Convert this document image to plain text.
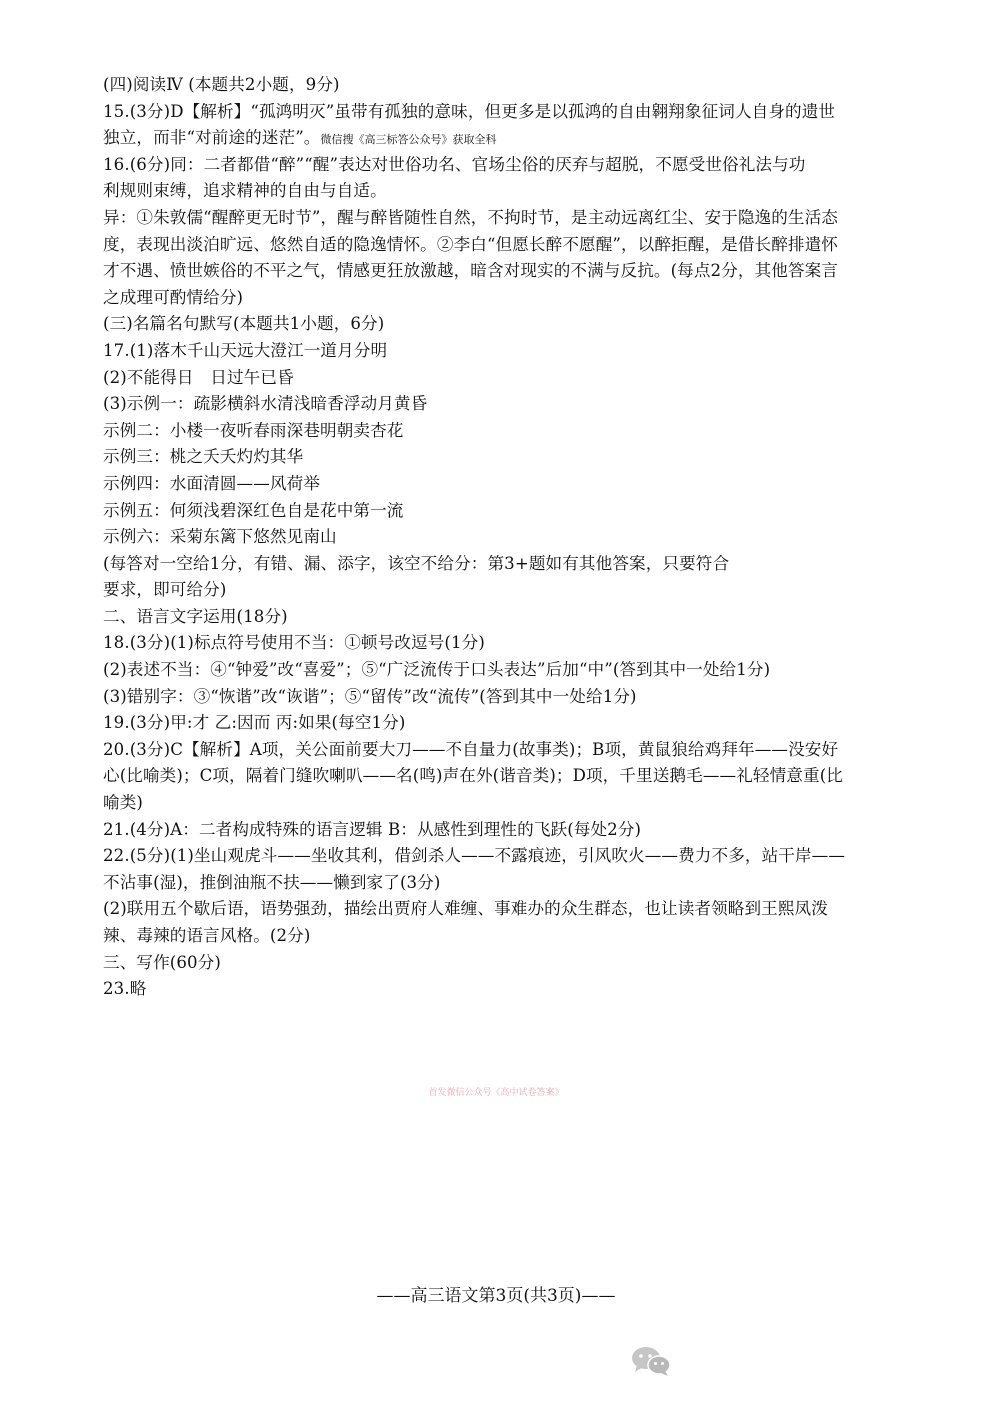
(四)阅读Ⅳ (本题共2小题，9分)
15.(3分)D【解析】“孤鸿明灭”虽带有孤独的意味，但更多是以孤鸿的自由翱翔象征词人自身的遗世
独立，而非“对前途的迷茫”。微信搜《高三标答公众号》获取全科
16.(6分)同：二者都借“醉”“醒”表达对世俗功名、官场尘俗的厌弃与超脱，不愿受世俗礼法与功
利规则束缚，追求精神的自由与自适。
异：①朱敦儒“醒醉更无时节”，醒与醉皆随性自然，不拘时节，是主动远离红尘、安于隐逸的生活态
度，表现出淡泊旷远、悠然自适的隐逸情怀。②李白“但愿长醉不愿醒”，以醉拒醒，是借长醉排遣怀
才不遇、愤世嫉俗的不平之气，情感更狂放激越，暗含对现实的不满与反抗。(每点2分，其他答案言
之成理可酌情给分)
(三)名篇名句默写(本题共1小题，6分)
17.(1)落木千山天远大澄江一道月分明
(2)不能得日　日过午已昏
(3)示例一：疏影横斜水清浅暗香浮动月黄昏
示例二：小楼一夜听春雨深巷明朝卖杏花
示例三：桃之夭夭灼灼其华
示例四：水面清圆——风荷举
示例五：何须浅碧深红色自是花中第一流
示例六：采菊东篱下悠然见南山
(每答对一空给1分，有错、漏、添字，该空不给分：第3+题如有其他答案，只要符合
要求，即可给分)
二、语言文字运用(18分)
18.(3分)(1)标点符号使用不当：①顿号改逗号(1分)
(2)表述不当：④“钟爱”改“喜爱”；⑤“广泛流传于口头表达”后加“中”(答到其中一处给1分)
(3)错别字：③“恢谐”改“诙谐”；⑤“留传”改“流传”(答到其中一处给1分)
19.(3分)甲:才 乙:因而 丙:如果(每空1分)
20.(3分)C【解析】A项，关公面前要大刀——不自量力(故事类)；B项，黄鼠狼给鸡拜年——没安好
心(比喻类)；C项，隔着门缝吹喇叭——名(鸣)声在外(谐音类)；D项，千里送鹅毛——礼轻情意重(比
喻类)
21.(4分)A：二者构成特殊的语言逻辑 B：从感性到理性的飞跃(每处2分)
22.(5分)(1)坐山观虎斗——坐收其利，借剑杀人——不露痕迹，引风吹火——费力不多，站干岸——
不沾事(湿)，推倒油瓶不扶——懒到家了(3分)
(2)联用五个歇后语，语势强劲，描绘出贾府人难缠、事难办的众生群态，也让读者领略到王熙凤泼
辣、毒辣的语言风格。(2分)
三、写作(60分)
23.略
首发微信公众号《高中试卷答案》
——高三语文第3页(共3页)——
